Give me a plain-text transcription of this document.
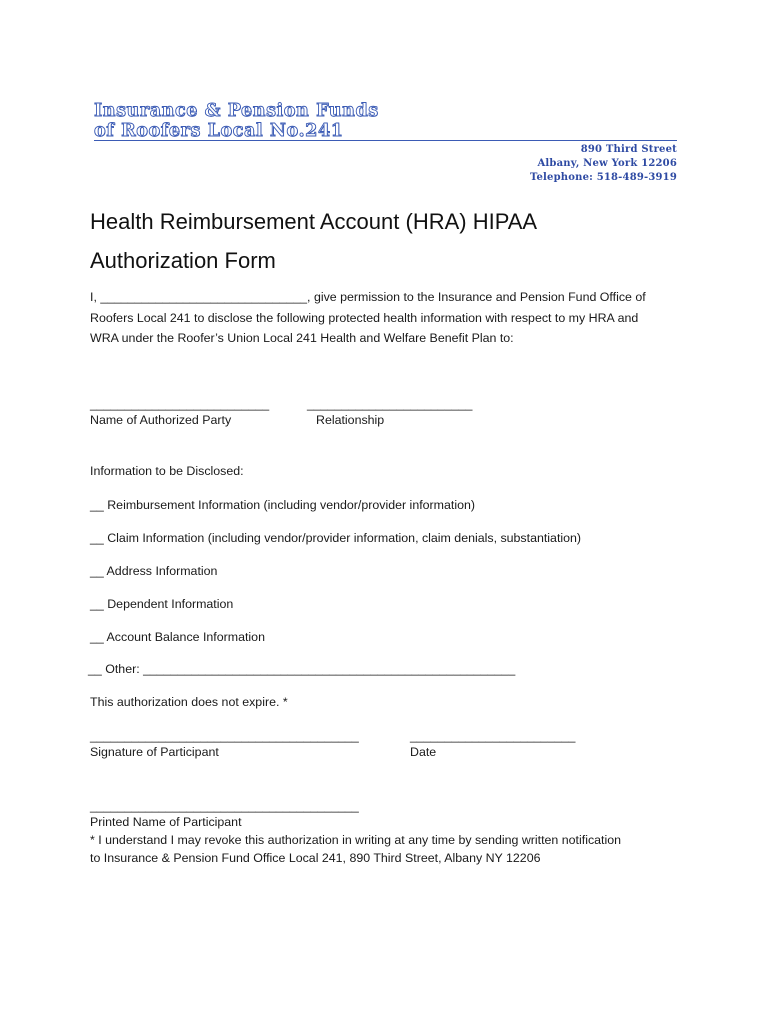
Insurance & Pension Funds
of Roofers Local No.241
890 Third Street
Albany, New York 12206
Telephone: 518-489-3919
Health Reimbursement Account (HRA) HIPAA
Authorization Form
I, ______________________________, give permission to the Insurance and Pension Fund Office of
Roofers Local 241 to disclose the following protected health information with respect to my HRA and
WRA under the Roofer’s Union Local 241 Health and Welfare Benefit Plan to:
__________________________
Name of Authorized Party
________________________
Relationship
Information to be Disclosed:
__ Reimbursement Information (including vendor/provider information)
__ Claim Information (including vendor/provider information, claim denials, substantiation)
__ Address Information
__ Dependent Information
__ Account Balance Information
__ Other: ______________________________________________________
This authorization does not expire. *
_______________________________________
Signature of Participant
________________________
Date
_______________________________________
Printed Name of Participant
* I understand I may revoke this authorization in writing at any time by sending written notification
to Insurance & Pension Fund Office Local 241, 890 Third Street, Albany NY 12206
